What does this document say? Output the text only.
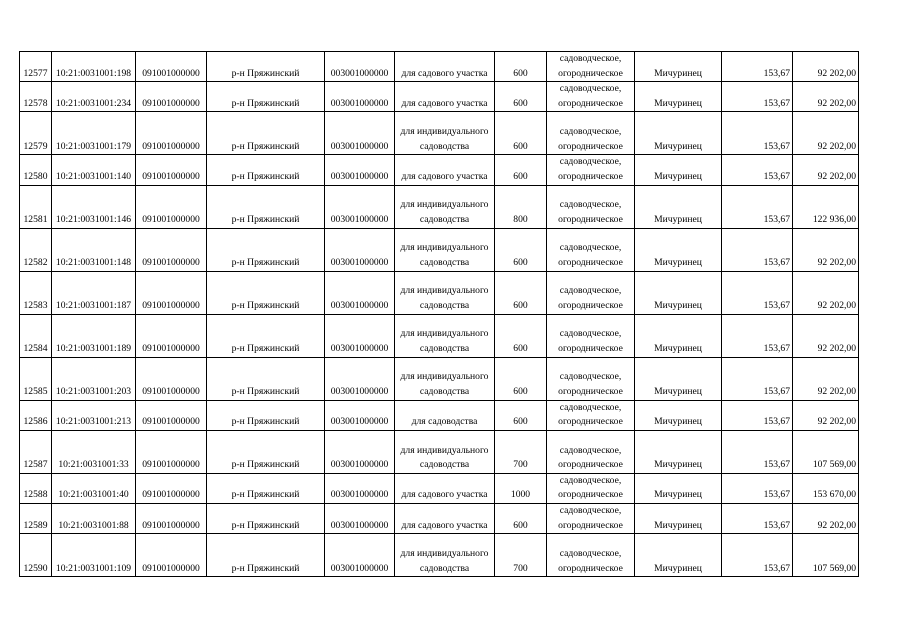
12577	10:21:0031001:198	091001000000	р-н Пряжинский	003001000000	для садового участка	600	садоводческое, огородническое	Мичуринец	153,67	92 202,00
12578	10:21:0031001:234	091001000000	р-н Пряжинский	003001000000	для садового участка	600	садоводческое, огородническое	Мичуринец	153,67	92 202,00
12579	10:21:0031001:179	091001000000	р-н Пряжинский	003001000000	для индивидуального садоводства	600	садоводческое, огородническое	Мичуринец	153,67	92 202,00
12580	10:21:0031001:140	091001000000	р-н Пряжинский	003001000000	для садового участка	600	садоводческое, огородническое	Мичуринец	153,67	92 202,00
12581	10:21:0031001:146	091001000000	р-н Пряжинский	003001000000	для индивидуального садоводства	800	садоводческое, огородническое	Мичуринец	153,67	122 936,00
12582	10:21:0031001:148	091001000000	р-н Пряжинский	003001000000	для индивидуального садоводства	600	садоводческое, огородническое	Мичуринец	153,67	92 202,00
12583	10:21:0031001:187	091001000000	р-н Пряжинский	003001000000	для индивидуального садоводства	600	садоводческое, огородническое	Мичуринец	153,67	92 202,00
12584	10:21:0031001:189	091001000000	р-н Пряжинский	003001000000	для индивидуального садоводства	600	садоводческое, огородническое	Мичуринец	153,67	92 202,00
12585	10:21:0031001:203	091001000000	р-н Пряжинский	003001000000	для индивидуального садоводства	600	садоводческое, огородническое	Мичуринец	153,67	92 202,00
12586	10:21:0031001:213	091001000000	р-н Пряжинский	003001000000	для садоводства	600	садоводческое, огородническое	Мичуринец	153,67	92 202,00
12587	10:21:0031001:33	091001000000	р-н Пряжинский	003001000000	для индивидуального садоводства	700	садоводческое, огородническое	Мичуринец	153,67	107 569,00
12588	10:21:0031001:40	091001000000	р-н Пряжинский	003001000000	для садового участка	1000	садоводческое, огородническое	Мичуринец	153,67	153 670,00
12589	10:21:0031001:88	091001000000	р-н Пряжинский	003001000000	для садового участка	600	садоводческое, огородническое	Мичуринец	153,67	92 202,00
12590	10:21:0031001:109	091001000000	р-н Пряжинский	003001000000	для индивидуального садоводства	700	садоводческое, огородническое	Мичуринец	153,67	107 569,00
